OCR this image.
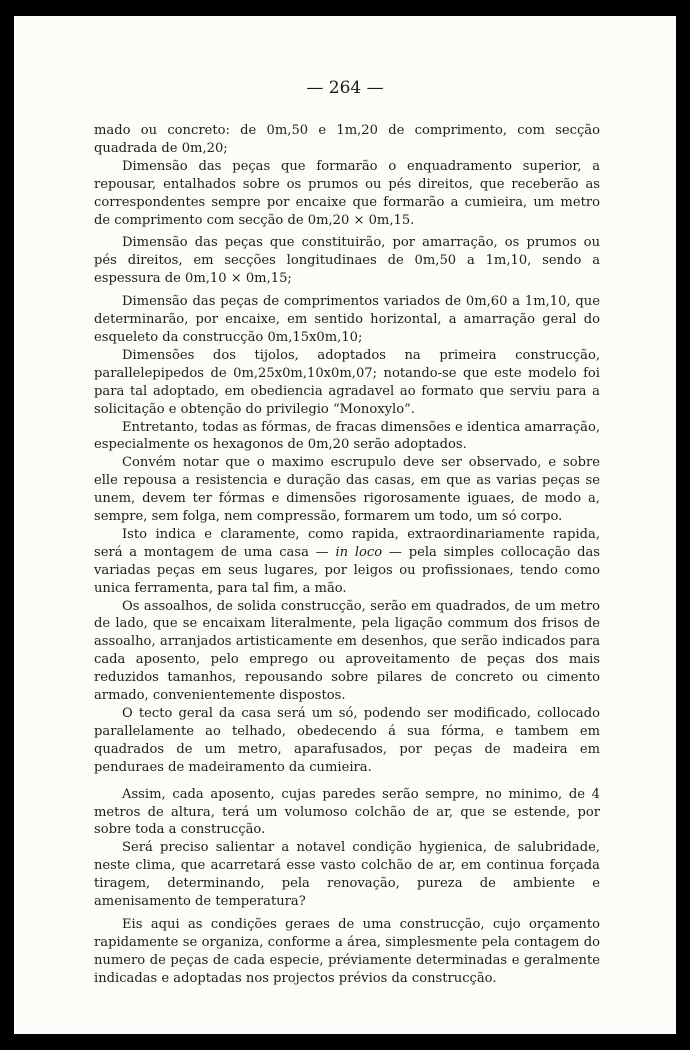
— 264 —

mado ou concreto: de 0m,50 e 1m,20 de comprimento, com secção quadrada de 0m,20;

Dimensão das peças que formarão o enquadramento superior, a repousar, entalhados sobre os prumos ou pés direitos, que receberão as correspondentes sempre por encaixe que formarão a cumieira, um metro de comprimento com secção de 0m,20 × 0m,15.

Dimensão das peças que constituirão, por amarração, os prumos ou pés direitos, em secções longitudinaes de 0m,50 a 1m,10, sendo a espessura de 0m,10 × 0m,15;

Dimensão das peças de comprimentos variados de 0m,60 a 1m,10, que determinarão, por encaixe, em sentido horizontal, a amarração geral do esqueleto da construcção 0m,15x0m,10;

Dimensões dos tijolos, adoptados na primeira construcção, parallelepipedos de 0m,25x0m,10x0m,07; notando-se que este modelo foi para tal adoptado, em obediencia agradavel ao formato que serviu para a solicitação e obtenção do privilegio “Monoxylo”.

Entretanto, todas as fórmas, de fracas dimensões e identica amarração, especialmente os hexagonos de 0m,20 serão adoptados.

Convém notar que o maximo escrupulo deve ser observado, e sobre elle repousa a resistencia e duração das casas, em que as varias peças se unem, devem ter fórmas e dimensões rigorosamente iguaes, de modo a, sempre, sem folga, nem compressão, formarem um todo, um só corpo.

Isto indica e claramente, como rapida, extraordinariamente rapida, será a montagem de uma casa — in loco — pela simples collocação das variadas peças em seus lugares, por leigos ou profissionaes, tendo como unica ferramenta, para tal fim, a mão.

Os assoalhos, de solida construcção, serão em quadrados, de um metro de lado, que se encaixam literalmente, pela ligação commum dos frisos de assoalho, arranjados artisticamente em desenhos, que serão indicados para cada aposento, pelo emprego ou aproveitamento de peças dos mais reduzidos tamanhos, repousando sobre pilares de concreto ou cimento armado, convenientemente dispostos.

O tecto geral da casa será um só, podendo ser modificado, collocado parallelamente ao telhado, obedecendo á sua fórma, e tambem em quadrados de um metro, aparafusados, por peças de madeira em pendurаes de madeiramento da cumieira.

Assim, cada aposento, cujas paredes serão sempre, no minimo, de 4 metros de altura, terá um volumoso colchão de ar, que se estende, por sobre toda a construcção.

Será preciso salientar a notavel condição hygienica, de salubridade, neste clima, que acarretará esse vasto colchão de ar, em continua forçada tiragem, determinando, pela renovação, pureza de ambiente e amenisamento de temperatura?

Eis aqui as condições geraes de uma construcção, cujo orçamento rapidamente se organiza, conforme a área, simplesmente pela contagem do numero de peças de cada especie, préviamente determinadas e geralmente indicadas e adoptadas nos projectos prévios da construcção.
